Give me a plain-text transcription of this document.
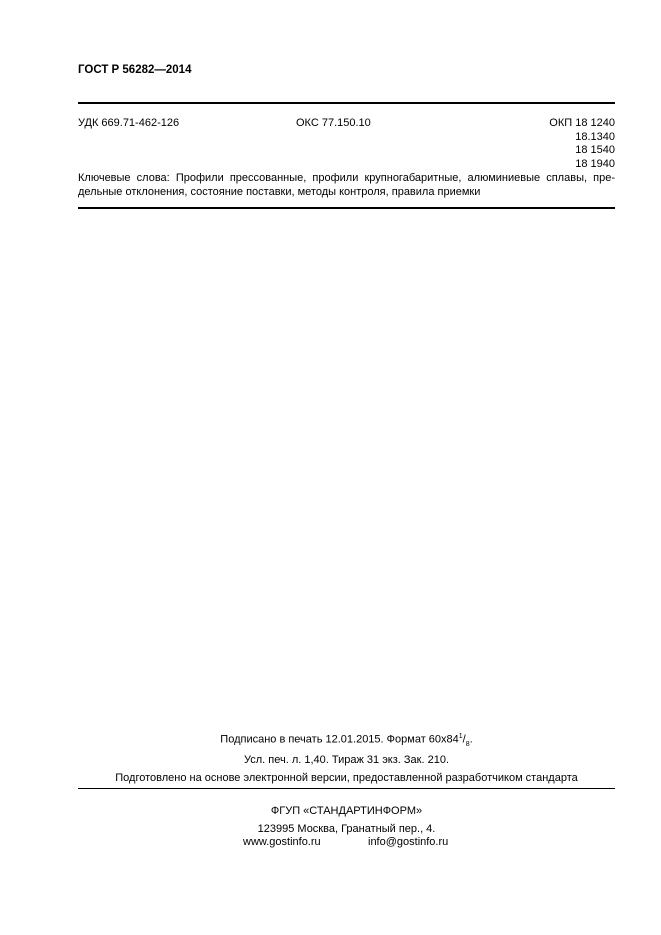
ГОСТ Р 56282—2014
УДК 669.71-462-126	ОКС 77.150.10	ОКП 18 1240
18.1340
18 1540
18 1940
Ключевые слова: Профили прессованные, профили крупногабаритные, алюминиевые сплавы, пре-
дельные отклонения, состояние поставки, методы контроля, правила приемки
Подписано в печать 12.01.2015. Формат $60x84^1/_8$.
Усл. печ. л. 1,40. Тираж 31 экз. Зак. 210.
Подготовлено на основе электронной версии, предоставленной разработчиком стандарта
ФГУП «СТАНДАРТИНФОРМ»
123995 Москва, Гранатный пер., 4.
www.gostinfo.ru	info@gostinfo.ru
